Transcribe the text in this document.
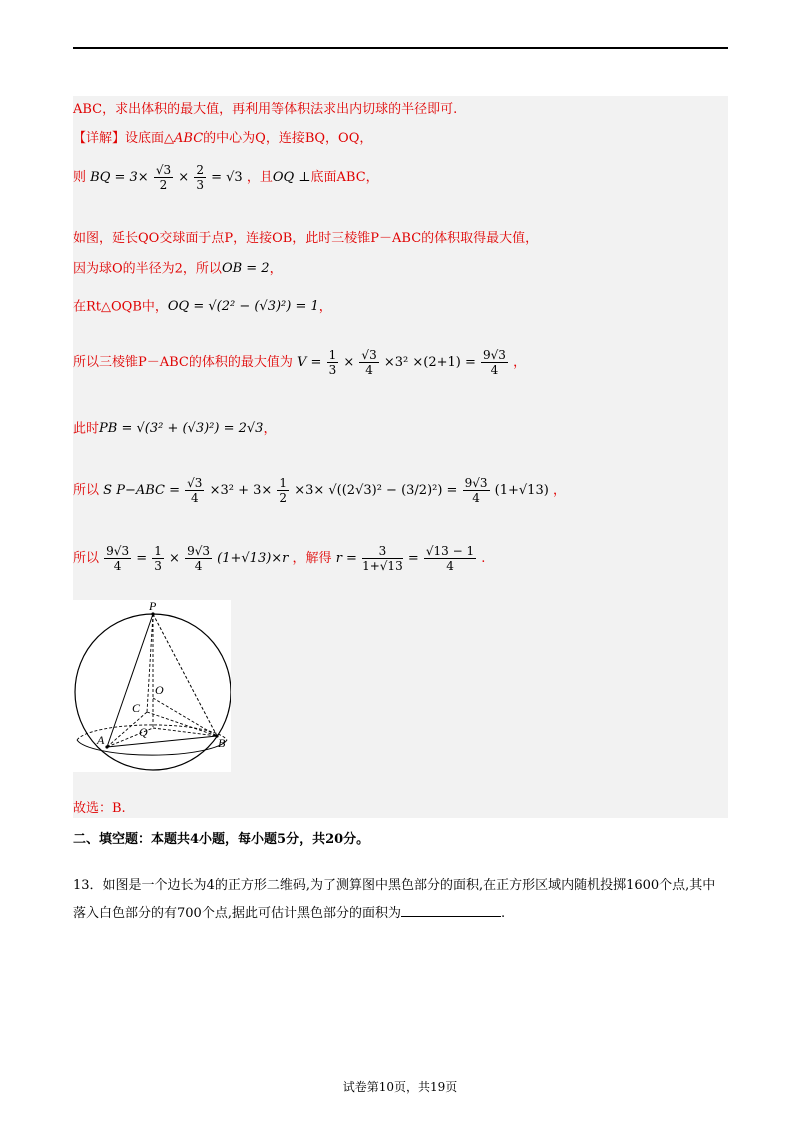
ABC，求出体积的最大值，再利用等体积法求出内切球的半径即可.
【详解】设底面△ABC的中心为Q，连接BQ，OQ，
则 BQ = $3\times \frac{√3}{2} \times \frac{2}{3} = √3$ ，且OQ ⊥底面ABC，
如图，延长QO交球面于点P，连接OB，此时三棱锥P－ABC的体积取得最大值，
因为球O的半径为2，所以OB = 2，
在Rt△OQB中，OQ = √(2² − (√3)²) = 1，
所以三棱锥P－ABC的体积的最大值为 $V = \frac{1}{3} \times \frac{√3}{4} \times 3^2 \times(2+1) = \frac{9√3}{4}$ ，
此时PB = √(3² + (√3)²) = 2√3，
所以 S $P-ABC = \frac{√3}{4} \times 3^2 + 3\times \frac{1}{2} \times 3\times √((2√3)^2 - (3/2)^2) = \frac{9√3}{4} (1+√13)$ ，
所以 $\frac{9√3}{4} = \frac{1}{3} \times \frac{9√3}{4} (1+√13)\times r$ ，解得 $r = \frac{3}{1+√13} = \frac{√13 - 1}{4}$ .
P
O
C
Q
A	B
故选：B.
二、填空题：本题共4小题，每小题5分，共20分。
13．如图是一个边长为4的正方形二维码,为了测算图中黑色部分的面积,在正方形区域内随机投掷1600个点,其中落入白色部分的有700个点,据此可估计黑色部分的面积为	.
试卷第10页，共19页
